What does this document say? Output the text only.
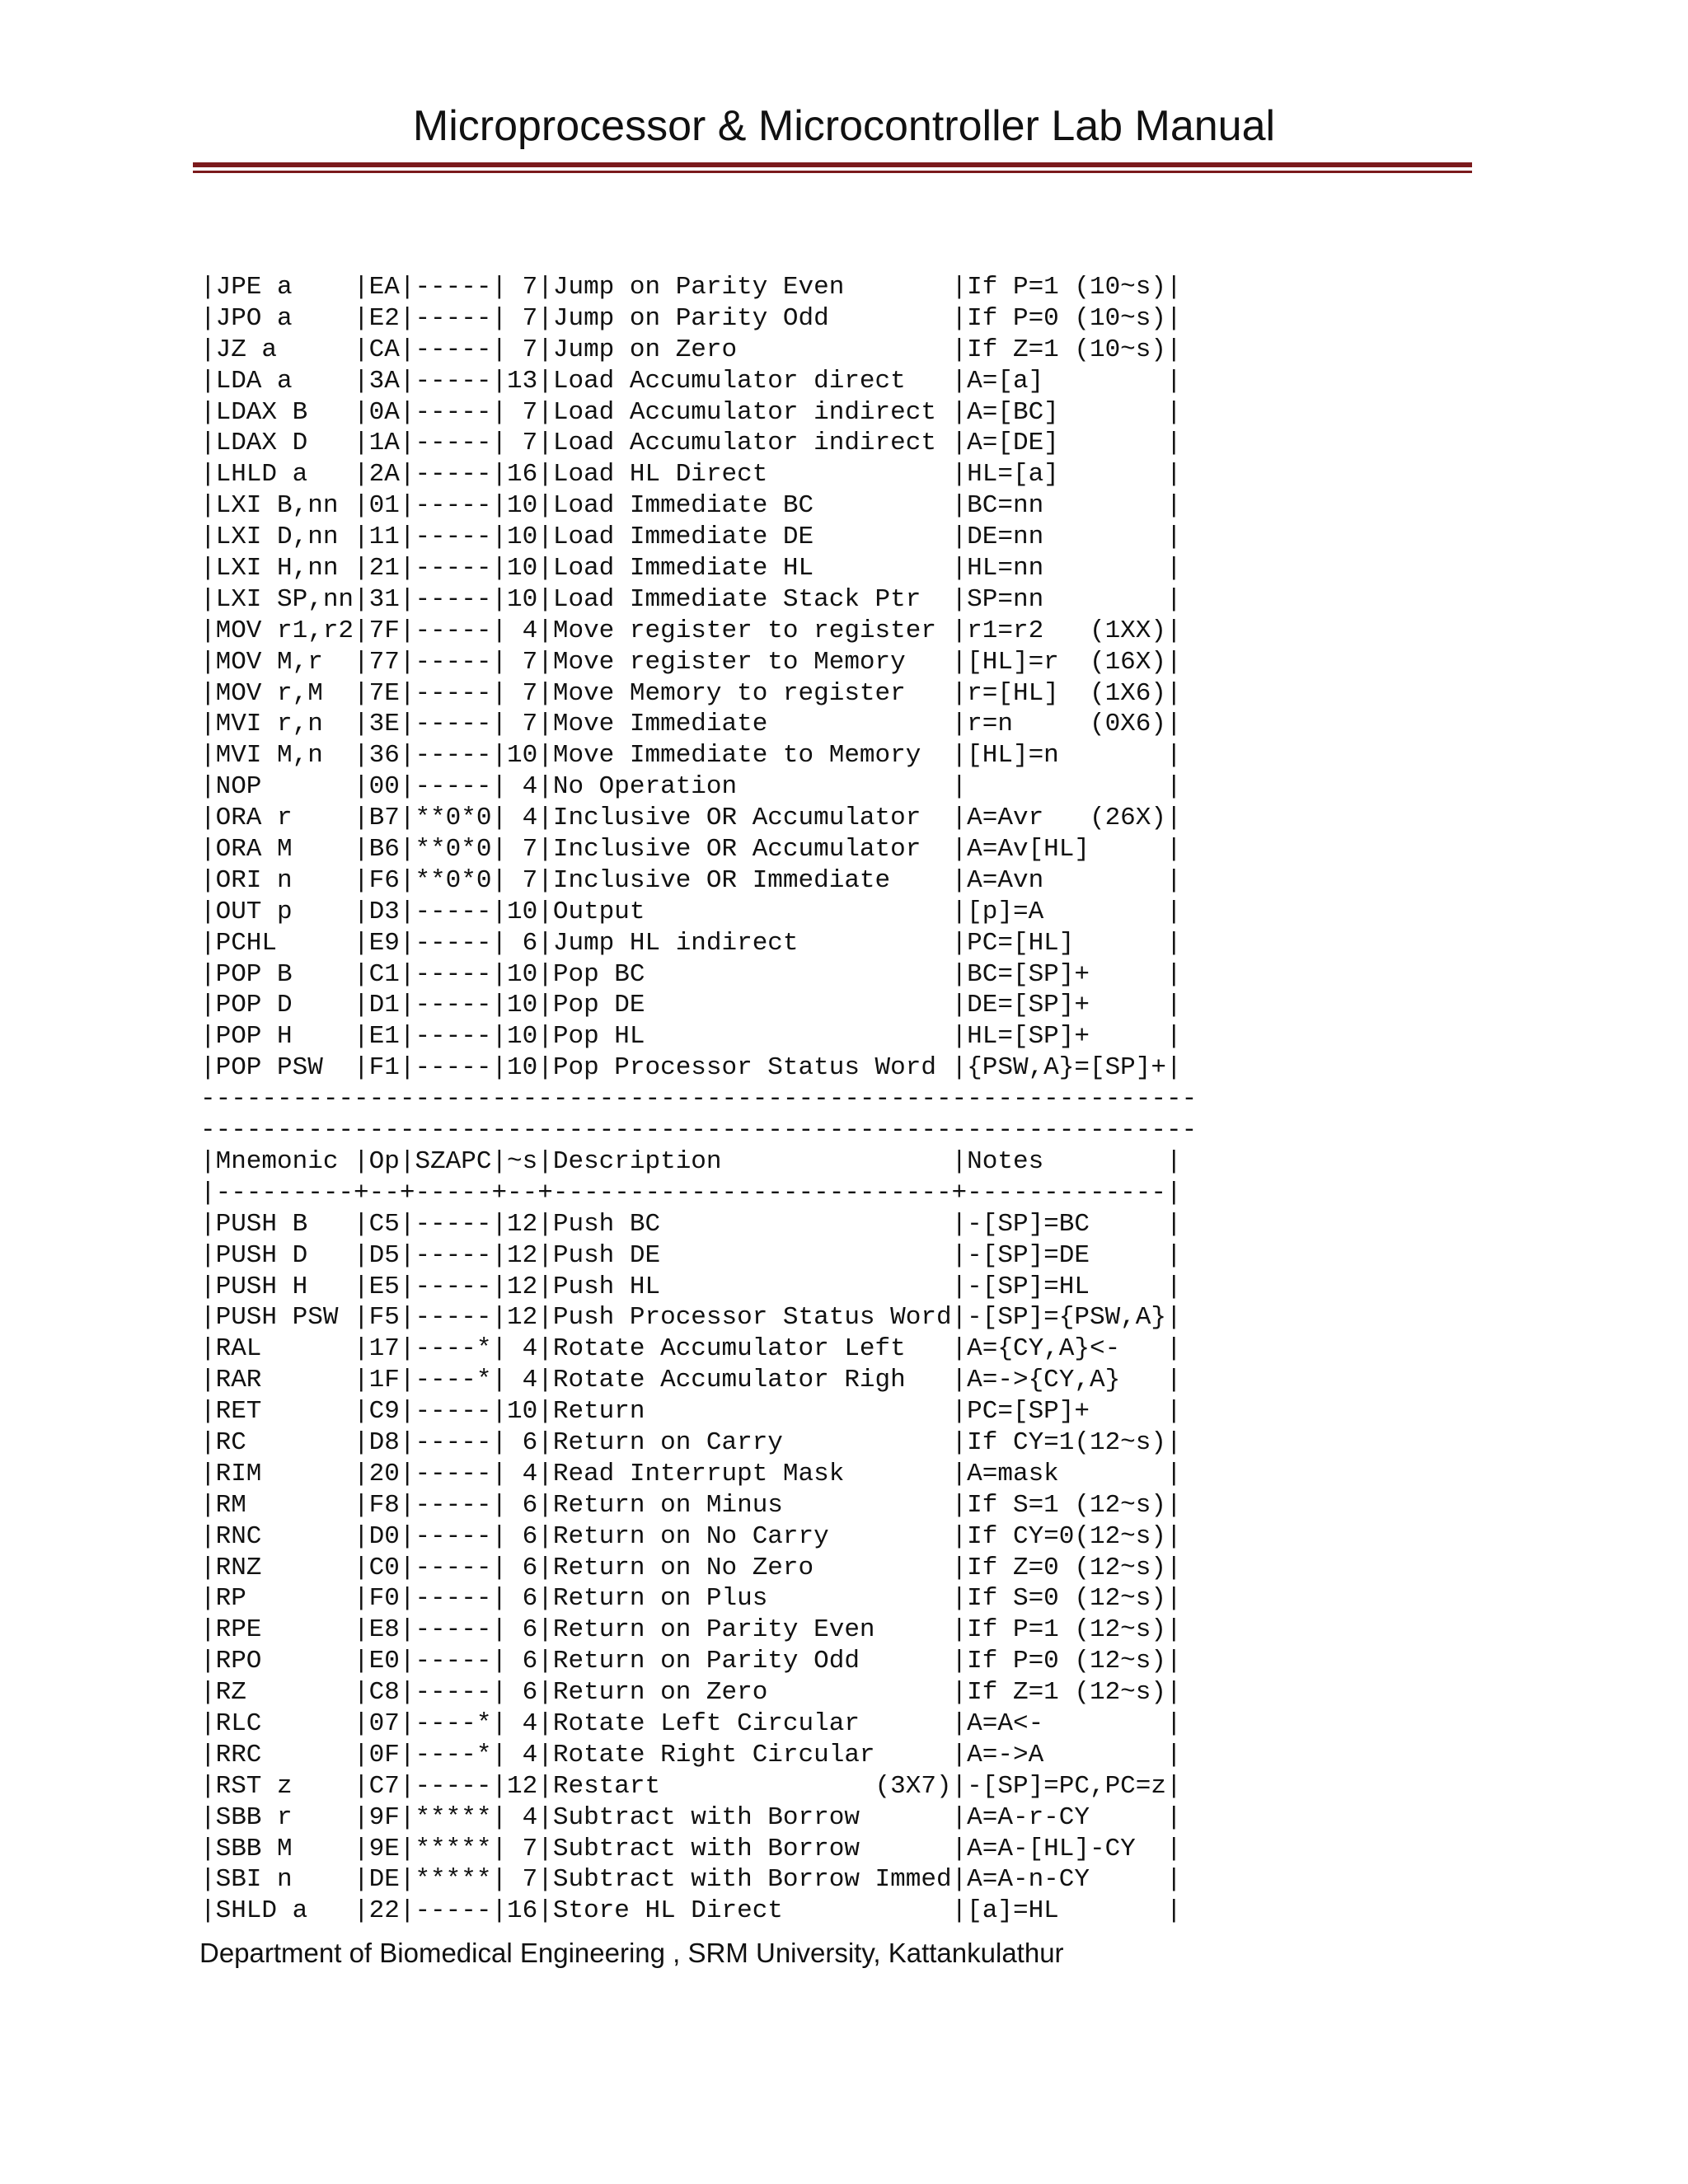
Microprocessor & Microcontroller Lab Manual
|JPE a    |EA|-----| 7|Jump on Parity Even       |If P=1 (10~s)|
|JPO a    |E2|-----| 7|Jump on Parity Odd        |If P=0 (10~s)|
|JZ a     |CA|-----| 7|Jump on Zero              |If Z=1 (10~s)|
|LDA a    |3A|-----|13|Load Accumulator direct   |A=[a]        |
|LDAX B   |0A|-----| 7|Load Accumulator indirect |A=[BC]       |
|LDAX D   |1A|-----| 7|Load Accumulator indirect |A=[DE]       |
|LHLD a   |2A|-----|16|Load HL Direct            |HL=[a]       |
|LXI B,nn |01|-----|10|Load Immediate BC         |BC=nn        |
|LXI D,nn |11|-----|10|Load Immediate DE         |DE=nn        |
|LXI H,nn |21|-----|10|Load Immediate HL         |HL=nn        |
|LXI SP,nn|31|-----|10|Load Immediate Stack Ptr  |SP=nn        |
|MOV r1,r2|7F|-----| 4|Move register to register |r1=r2   (1XX)|
|MOV M,r  |77|-----| 7|Move register to Memory   |[HL]=r  (16X)|
|MOV r,M  |7E|-----| 7|Move Memory to register   |r=[HL]  (1X6)|
|MVI r,n  |3E|-----| 7|Move Immediate            |r=n     (0X6)|
|MVI M,n  |36|-----|10|Move Immediate to Memory  |[HL]=n       |
|NOP      |00|-----| 4|No Operation              |             |
|ORA r    |B7|**0*0| 4|Inclusive OR Accumulator  |A=Avr   (26X)|
|ORA M    |B6|**0*0| 7|Inclusive OR Accumulator  |A=Av[HL]     |
|ORI n    |F6|**0*0| 7|Inclusive OR Immediate    |A=Avn        |
|OUT p    |D3|-----|10|Output                    |[p]=A        |
|PCHL     |E9|-----| 6|Jump HL indirect          |PC=[HL]      |
|POP B    |C1|-----|10|Pop BC                    |BC=[SP]+     |
|POP D    |D1|-----|10|Pop DE                    |DE=[SP]+     |
|POP H    |E1|-----|10|Pop HL                    |HL=[SP]+     |
|POP PSW  |F1|-----|10|Pop Processor Status Word |{PSW,A}=[SP]+|
-----------------------------------------------------------------
-----------------------------------------------------------------
|Mnemonic |Op|SZAPC|~s|Description               |Notes        |
|---------+--+-----+--+--------------------------+-------------|
|PUSH B   |C5|-----|12|Push BC                   |-[SP]=BC     |
|PUSH D   |D5|-----|12|Push DE                   |-[SP]=DE     |
|PUSH H   |E5|-----|12|Push HL                   |-[SP]=HL     |
|PUSH PSW |F5|-----|12|Push Processor Status Word|-[SP]={PSW,A}|
|RAL      |17|----*| 4|Rotate Accumulator Left   |A={CY,A}<-   |
|RAR      |1F|----*| 4|Rotate Accumulator Righ   |A=->{CY,A}   |
|RET      |C9|-----|10|Return                    |PC=[SP]+     |
|RC       |D8|-----| 6|Return on Carry           |If CY=1(12~s)|
|RIM      |20|-----| 4|Read Interrupt Mask       |A=mask       |
|RM       |F8|-----| 6|Return on Minus           |If S=1 (12~s)|
|RNC      |D0|-----| 6|Return on No Carry        |If CY=0(12~s)|
|RNZ      |C0|-----| 6|Return on No Zero         |If Z=0 (12~s)|
|RP       |F0|-----| 6|Return on Plus            |If S=0 (12~s)|
|RPE      |E8|-----| 6|Return on Parity Even     |If P=1 (12~s)|
|RPO      |E0|-----| 6|Return on Parity Odd      |If P=0 (12~s)|
|RZ       |C8|-----| 6|Return on Zero            |If Z=1 (12~s)|
|RLC      |07|----*| 4|Rotate Left Circular      |A=A<-        |
|RRC      |0F|----*| 4|Rotate Right Circular     |A=->A        |
|RST z    |C7|-----|12|Restart              (3X7)|-[SP]=PC,PC=z|
|SBB r    |9F|*****| 4|Subtract with Borrow      |A=A-r-CY     |
|SBB M    |9E|*****| 7|Subtract with Borrow      |A=A-[HL]-CY  |
|SBI n    |DE|*****| 7|Subtract with Borrow Immed|A=A-n-CY     |
|SHLD a   |22|-----|16|Store HL Direct           |[a]=HL       |

Department of Biomedical Engineering , SRM University, Kattankulathur
